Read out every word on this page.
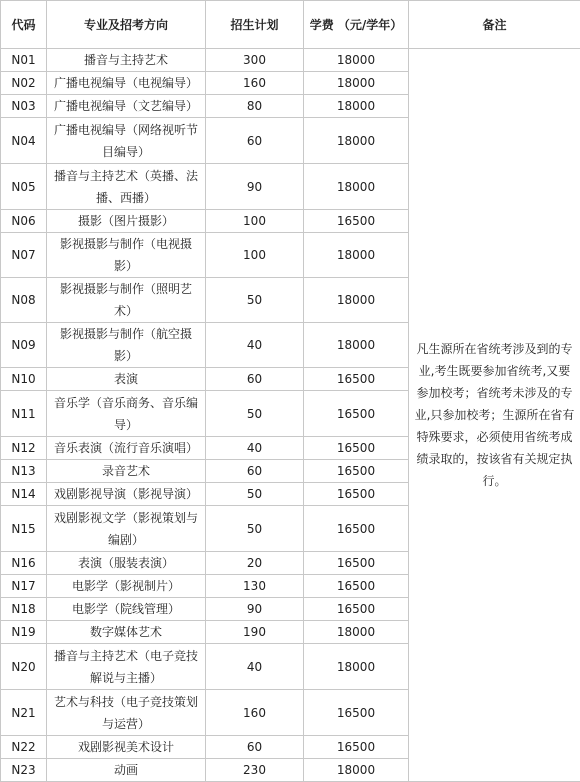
代码	专业及招考方向	招生计划	学费 （元/学年）	备注
N01	播音与主持艺术	300	18000	凡生源所在省统考涉及到的专业,考生既要参加省统考,又要参加校考；省统考未涉及的专业,只参加校考；生源所在省有特殊要求，必须使用省统考成绩录取的，按该省有关规定执行。
N02	广播电视编导（电视编导）	160	18000	
N03	广播电视编导（文艺编导）	80	18000	
N04	广播电视编导（网络视听节目编导）	60	18000	
N05	播音与主持艺术（英播、法播、西播）	90	18000	
N06	摄影（图片摄影）	100	16500	
N07	影视摄影与制作（电视摄影）	100	18000	
N08	影视摄影与制作（照明艺术）	50	18000	
N09	影视摄影与制作（航空摄影）	40	18000	
N10	表演	60	16500	
N11	音乐学（音乐商务、音乐编导）	50	16500	
N12	音乐表演（流行音乐演唱）	40	16500	
N13	录音艺术	60	16500	
N14	戏剧影视导演（影视导演）	50	16500	
N15	戏剧影视文学（影视策划与编剧）	50	16500	
N16	表演（服装表演）	20	16500	
N17	电影学（影视制片）	130	16500	
N18	电影学（院线管理）	90	16500	
N19	数字媒体艺术	190	18000	
N20	播音与主持艺术（电子竞技解说与主播）	40	18000	
N21	艺术与科技（电子竞技策划与运营）	160	16500	
N22	戏剧影视美术设计	60	16500	
N23	动画	230	18000	
